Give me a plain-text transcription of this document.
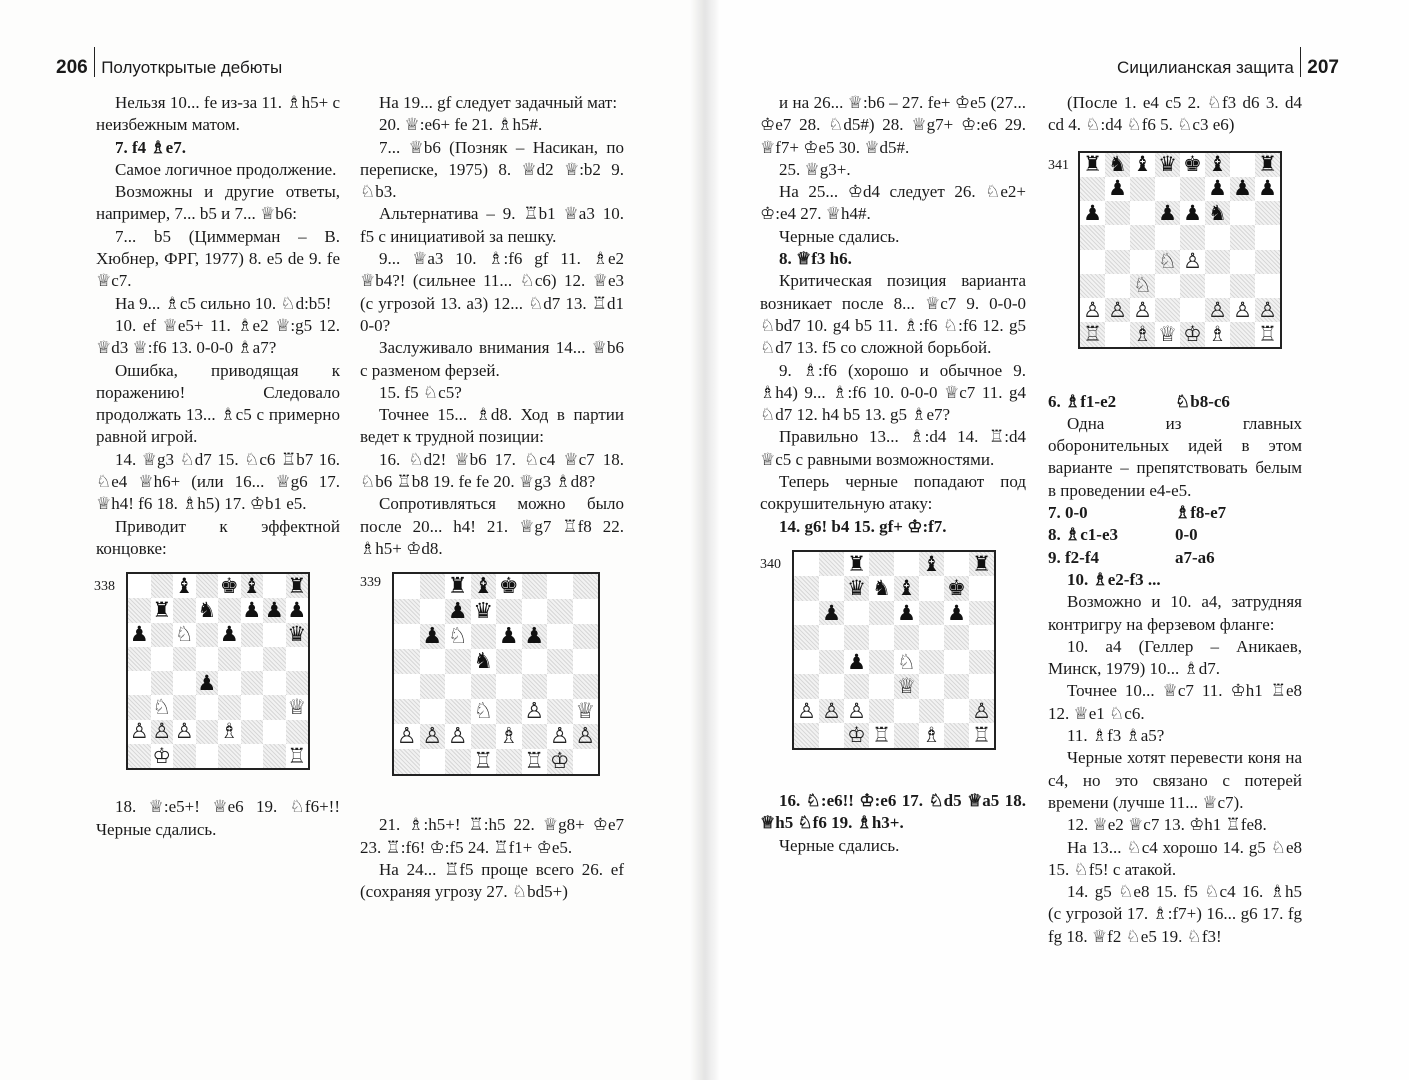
206 Полуоткрытые дебюты

Нельзя 10... fe из-за 11. ♗h5+ с неизбежным матом.

7. f4 ♗e7.

Самое логичное продолжение.

Возможны и другие ответы, например, 7... b5 и 7... ♕b6:

7... b5 (Циммерман – В. Хюбнер, ФРГ, 1977) 8. e5 de 9. fe ♕c7.

На 9... ♗c5 сильно 10. ♘d:b5!

10. ef ♕e5+ 11. ♗e2 ♕:g5 12. ♕d3 ♕:f6 13. 0-0-0 ♗a7?

Ошибка, приводящая к поражению! Следовало продолжать 13... ♗c5 с примерно равной игрой.

14. ♕g3 ♘d7 15. ♘c6 ♖b7 16. ♘e4 ♕h6+ (или 16... ♕g6 17. ♕h4! f6 18. ♗h5) 17. ♔b1 e5.

Приводит к эффектной концовке:

338	♝ ♚ ♝ ♜
♜ ♞ ♟ ♟ ♟
♟ ♘ ♟ ♛
♟
♘	♕
♙ ♙ ♙ ♗
♔	♖

18. ♕:e5+! ♕e6 19. ♘f6+!! Черные сдались.

На 19... gf следует задачный мат:

20. ♕:e6+ fe 21. ♗h5#.

7... ♕b6 (Позняк – Насикан, по переписке, 1975) 8. ♕d2 ♕:b2 9. ♘b3.

Альтернатива – 9. ♖b1 ♕a3 10. f5 с инициативой за пешку.

9... ♕a3 10. ♗:f6 gf 11. ♗e2 ♕b4?! (сильнее 11... ♘c6) 12. ♕e3 (с угрозой 13. a3) 12... ♘d7 13. ♖d1 0-0?

Заслуживало внимания 14... ♕b6 с разменом ферзей.

15. f5 ♘c5?

Точнее 15... ♗d8. Ход в партии ведет к трудной позиции:

16. ♘d2! ♕b6 17. ♘c4 ♕c7 18. ♘b6 ♖b8 19. fe fe 20. ♕g3 ♗d8?

Сопротивляться можно было после 20... h4! 21. ♕g7 ♖f8 22. ♗h5+ ♔d8.

339	♜ ♝ ♚
♟ ♛
♟ ♘ ♟ ♟
♞
♘ ♙ ♕
♙ ♙ ♙ ♗ ♙ ♙
♖ ♖ ♔

21. ♗:h5+! ♖:h5 22. ♕g8+ ♔e7 23. ♖:f6! ♔:f5 24. ♖f1+ ♔e5.

На 24... ♖f5 проще всего 26. ef (сохраняя угрозу 27. ♘bd5+)

Сицилианская защита 207

и на 26... ♕:b6 – 27. fe+ ♔e5 (27... ♔e7 28. ♘d5#) 28. ♕g7+ ♔:e6 29. ♕f7+ ♔e5 30. ♕d5#.

25. ♕g3+.

На 25... ♔d4 следует 26. ♘e2+ ♔:e4 27. ♕h4#.

Черные сдались.

8. ♕f3 h6.

Критическая позиция варианта возникает после 8... ♕c7 9. 0-0-0 ♘bd7 10. g4 b5 11. ♗:f6 ♘:f6 12. g5 ♘d7 13. f5 со сложной борьбой.

9. ♗:f6 (хорошо и обычное 9. ♗h4) 9... ♗:f6 10. 0-0-0 ♕c7 11. g4 ♘d7 12. h4 b5 13. g5 ♗e7?

Правильно 13... ♗:d4 14. ♖:d4 ♕c5 с равными возможностями.

Теперь черные попадают под сокрушительную атаку:

14. g6! b4 15. gf+ ♔:f7.

340	♜	♝ ♜
♛ ♞ ♝ ♚
♟	♟ ♟
♟ ♘
♕
♙ ♙ ♙	♙
♔ ♖ ♗ ♖

16. ♘:e6!! ♔:e6 17. ♘d5 ♕a5 18. ♕h5 ♘f6 19. ♗h3+.

Черные сдались.

(После 1. e4 c5 2. ♘f3 d6 3. d4 cd 4. ♘:d4 ♘f6 5. ♘c3 e6)

341 ♜ ♞ ♝ ♛ ♚ ♝ ♜
♟	♟ ♟ ♟
♟	♟ ♟ ♞
♘ ♙
♘
♙ ♙ ♙	♙ ♙ ♙
♖ ♗ ♕ ♔ ♗ ♖
6. ♗f1-e2	♘b8-c6

Одна из главных оборонительных идей в этом варианте – препятствовать белым в проведении e4-e5.

7. 0-0	♗f8-e7
8. ♗c1-e3	0-0
9. f2-f4	a7-a6

10. ♗e2-f3 ...

Возможно и 10. a4, затрудняя контригру на ферзевом фланге:

10. a4 (Геллер – Аникаев, Минск, 1979) 10... ♗d7.

Точнее 10... ♕c7 11. ♔h1 ♖e8 12. ♕e1 ♘c6.

11. ♗f3 ♗a5?

Черные хотят перевести коня на c4, но это связано с потерей времени (лучше 11... ♕c7).

12. ♕e2 ♕c7 13. ♔h1 ♖fe8.

На 13... ♘c4 хорошо 14. g5 ♘e8 15. ♘f5! с атакой.

14. g5 ♘e8 15. f5 ♘c4 16. ♗h5 (с угрозой 17. ♗:f7+) 16... g6 17. fg fg 18. ♕f2 ♘e5 19. ♘f3!
